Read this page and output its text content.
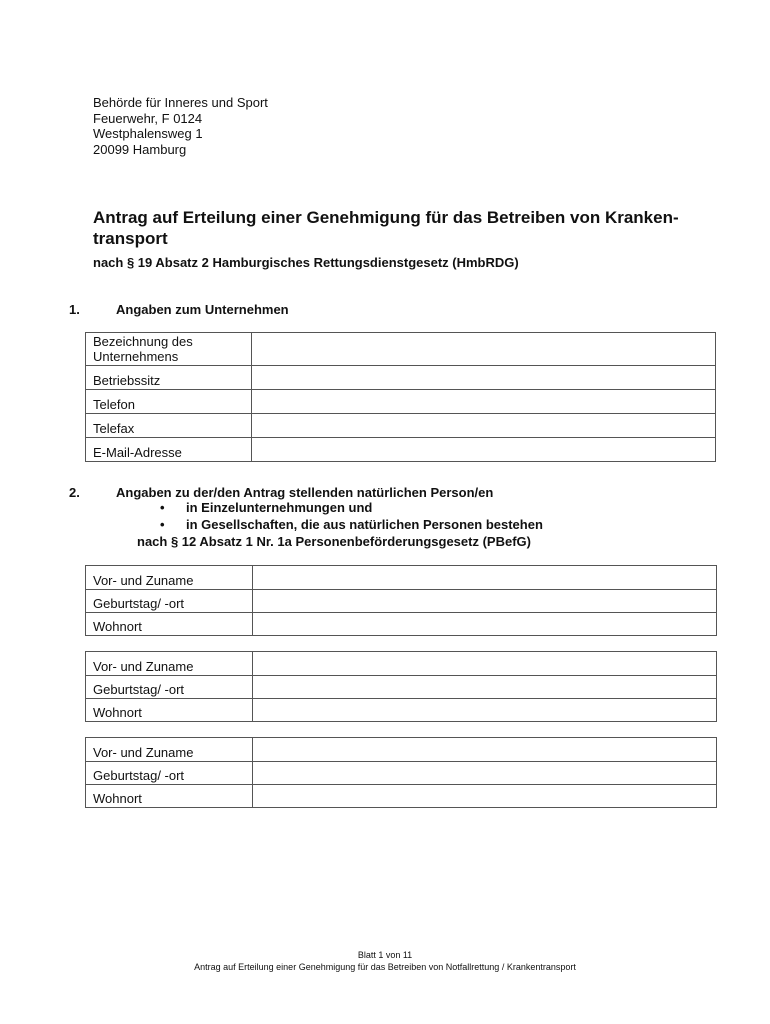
Behörde für Inneres und Sport
Feuerwehr, F 0124
Westphalensweg 1
20099 Hamburg
Antrag auf Erteilung einer Genehmigung für das Betreiben von Kranken-transport
nach § 19 Absatz 2 Hamburgisches Rettungsdienstgesetz (HmbRDG)
1.	Angaben zum Unternehmen
Bezeichnung des Unternehmens	
Betriebssitz	
Telefon	
Telefax	
E-Mail-Adresse	
2.	Angaben zu der/den Antrag stellenden natürlichen Person/en
• in Einzelunternehmungen und
• in Gesellschaften, die aus natürlichen Personen bestehen
nach § 12 Absatz 1 Nr. 1a Personenbeförderungsgesetz (PBefG)
Vor- und Zuname	
Geburtstag/ -ort	
Wohnort	
Vor- und Zuname	
Geburtstag/ -ort	
Wohnort	
Vor- und Zuname	
Geburtstag/ -ort	
Wohnort	
Blatt 1 von 11
Antrag auf Erteilung einer Genehmigung für das Betreiben von Notfallrettung / Krankentransport
